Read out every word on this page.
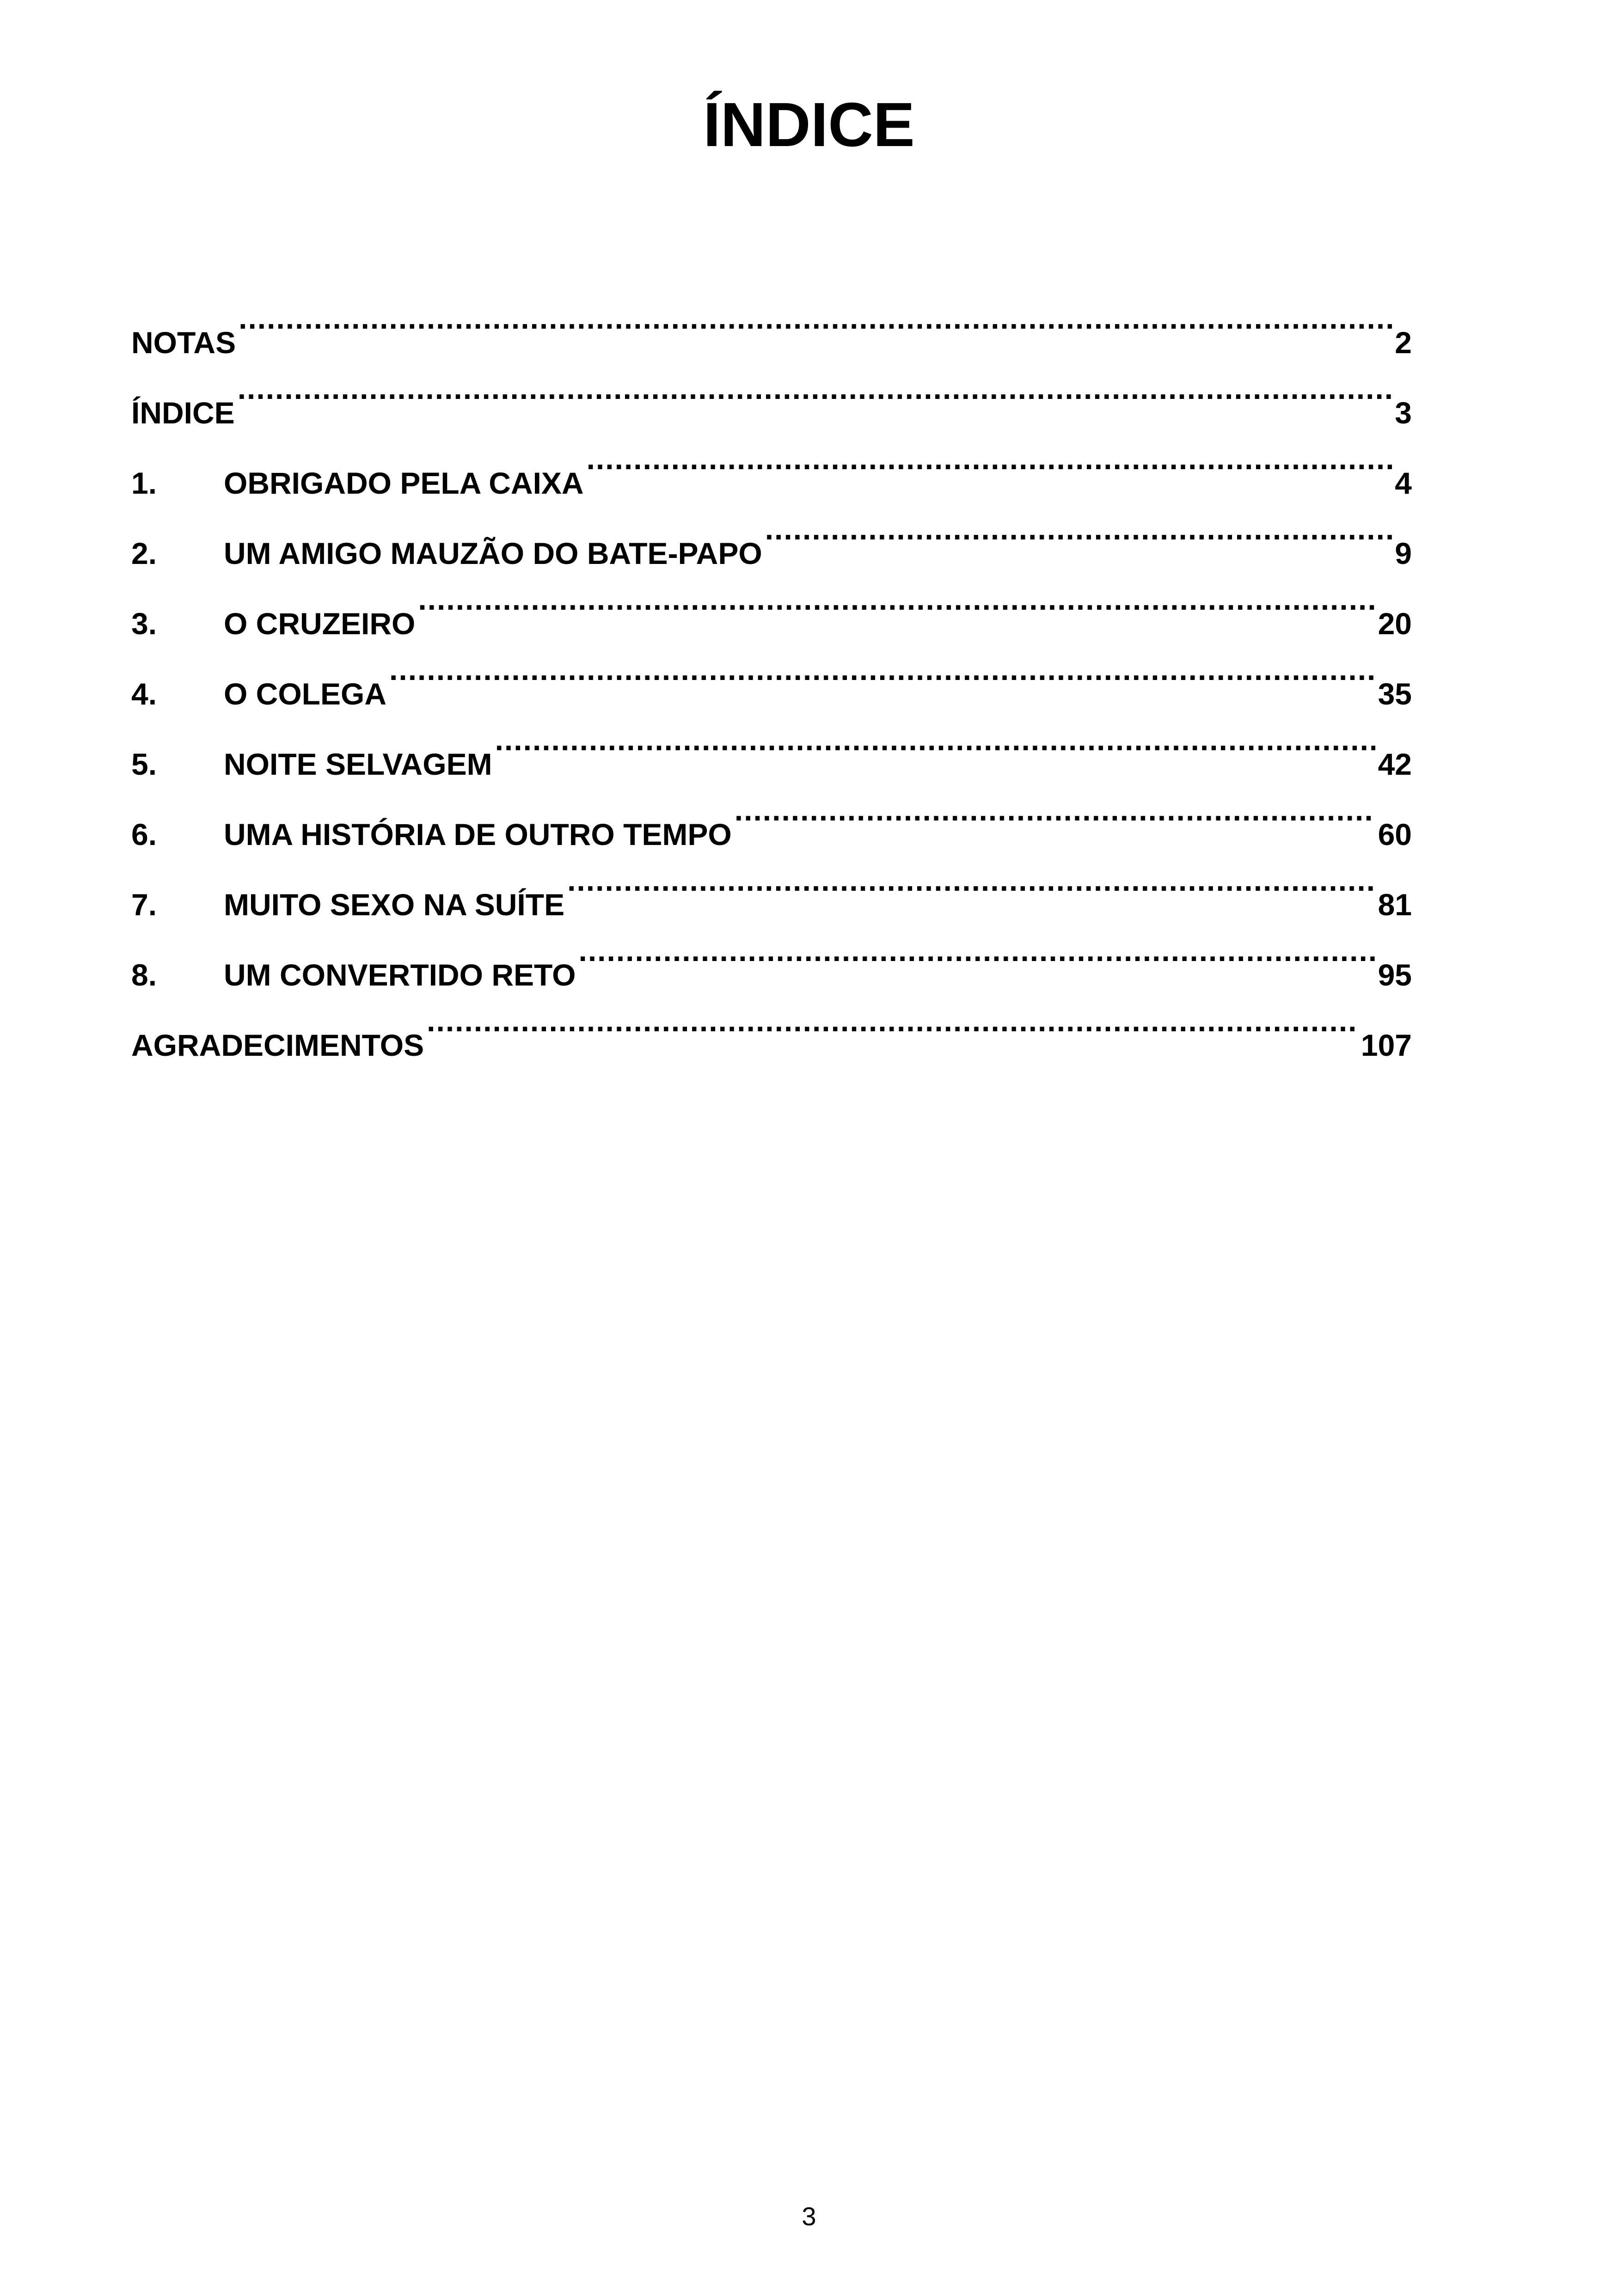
ÍNDICE
NOTAS .....	2
ÍNDICE .....	3
1.	OBRIGADO PELA CAIXA .....	4
2.	UM AMIGO MAUZÃO DO BATE-PAPO .....	9
3.	O CRUZEIRO .....	20
4.	O COLEGA .....	35
5.	NOITE SELVAGEM .....	42
6.	UMA HISTÓRIA DE OUTRO TEMPO .....	60
7.	MUITO SEXO NA SUÍTE .....	81
8.	UM CONVERTIDO RETO .....	95
AGRADECIMENTOS .....	107
3
